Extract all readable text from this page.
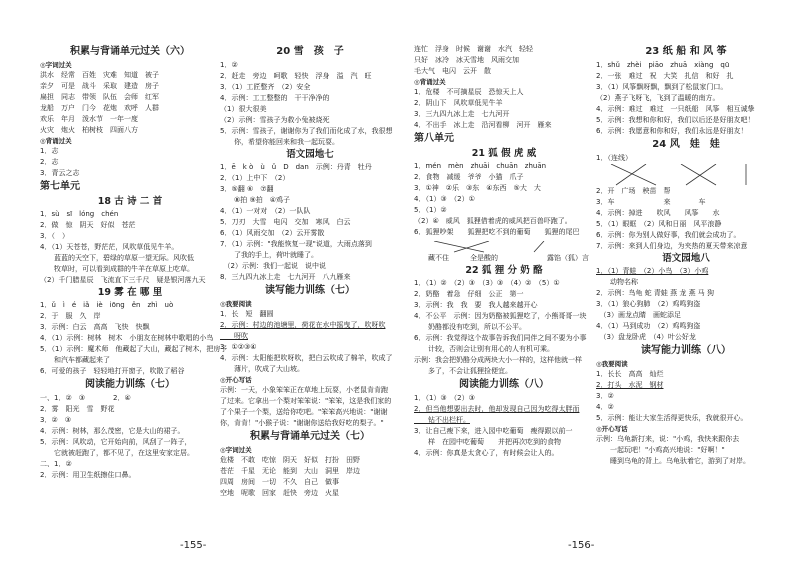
积累与背诵单元过关（六）
◎字词过关
洪水　经常　百姓　灾难　知道　被子
亲夕　可是　战斗　采取　建造　房子
扁担　同志　带领　队伍　会师　红军
龙船　万户　门今　花炮　欢呼　人群
欢乐　年月　泼水节　一年一度
火灾　炮火　柏树枝　四面八方
◎背诵过关
1．志
2．志
3．青云之志
第七单元
18 古 诗 二 首
1．sù　sī　lóng　chén
2．做　惊　阴天　好似　苍茫
3．（　）
4．（1）天苍苍，野茫茫，风吹草低见牛羊。
　　蓝蓝的天空下，碧绿的草原一望无际。风吹低
　　牧草时，可以看到成群的牛羊在草原上吃草。
（2）千门腊星辰　飞流直下三千尺　疑是银河落九天
19 雾 在 哪 里
1．ǔ　ì　é　iǎ　iè　iōng　ěn　zhì　uò
2．于　服　久　岸
3．示例：白云　高高　飞快　快飘
4．（1）示例：树林　树木　小朋友在树林中歌唱的小鸟
5．（1）示例：魔术师　他藏起了大山，藏起了树木，把房子
　　和汽车都藏起来了
6．可爱的孩子　轻轻地打开窗子，吹散了稻谷
阅读能力训练（七）
一、1．②　③　　　　2．④
2．雾　阳光　雪　野花
3．②　③
4．示例：树林，那么茂密，它是大山的裙子。
5．示例：风吹动，它开始向前，风刮了一阵子，
　　它就被赶跑了，都不见了，在这里安家定居。
二、1．②
2．示例：用卫生纸擦住口鼻。
20 雪　孩　子
1．②
2．赶走　旁边　呵歌　轻快　浮身　溢　汽　旺
3．（1）工匠整齐　（2）安全
4．示例：工工整整的　干干净净的
（1）很大很美
（2）示例：雪孩子为救小兔被烧死
5．示例：雪孩子，谢谢你为了我们而化成了水，我很想
　　你，希望你能回来和我一起玩耍。
语文园地七
1．ē　k ò　ù　ǔ　D　dan　示例：丹青　牡丹
2．（1）上中下　（2）
3．⑤翻 ⑥　⑦翻
　　⑧拍 ⑨拍　④鸡子
4．（1）一对对　（2）一队队
5．刀刃　大雪　电闪　交加　寒风　白云
6．（1）风雨交加　（2）云开雾散
7．（1）示例："我能恢复一现"说道，大雨点落到
　　了我的手上，荷叶就睡了。
　（2）示例：我们一起说　说中说
8．三九四九冰上走　七九河开　八九雁来
读写能力训练（七）
◎我要阅读
1．长　短　翻圆
2．示例：村边的池塘里，荷花在水中摇曳了，吹呀吹
　　呀吹
3．①②③④
4．示例：太阳能把吹呀吹，把白云吹成了棉羊，吹成了
　　薄片，吹成了大山坡。
◎开心写话
示例：一天，小象笨笨正在草地上玩耍，小老鼠肯肯跑
了过来。它拿出一个梨对笨笨说："笨笨，这是我们家的
了个果子一个梨，送给你吃吧。"笨笨高兴地说："谢谢
你，肯肯！"小猴子说："谢谢你送给我好吃的梨子。"
积累与背诵单元过关（七）
◎字词过关
危楼　不敢　吃惊　阴天　好似　打扮　田野
苍茫　千星　无论　能到　大山　洞里　岸边
四周　房间　一切　不久　自己　做事
空地　呢歌　回家　赶快　旁边　火星
连忙　浮身　时候　谢谢　水汽　轻轻
只好　冰冷　冰天雪地　风雨交加
毛大气　电闪　云开　散
◎背诵过关
1．危楼　不可摘星辰　恐惊天上人
2．阴山下　风吹草低见牛羊
3．三九四九冰上走　七九河开
4．不出手　冰上走　沿河看柳　河开　雁来
第八单元
21 狐 假 虎 威
1．mén　mèn　zhuāi　chuān　zhuān
2．食物　减缓　爷爷　小猫　爪子
3．①神　②乐　③东　④东西　⑤大　大
4．（1）③　（2）①
5．（1）②
（2）④　威风　狐狸借着虎的威风把百兽吓跑了。
6．狐狸吵架　　狐狸把吃不到的葡萄　　狐狸的尾巴
　　藏不住　　　全是酸的　　　　　　　露馅（狐）言
22 狐 狸 分 奶 酪
1．（1）②　（2）③　（3）③　（4）②　（5）①
2．奶酪　着急　仔细　公正　第一
3．示例：我　我　要　我人越来越开心
4．不公平　示例：因为奶酪被狐狸吃了，小熊哥哥一块
　　奶酪都没有吃到，所以不公平。
6．示例：我觉得这个故事告诉我们同伴之间不要为小事
　　计较，否则会让别有用心的人有机可乘。
示例：我会把奶酪分成两块大小一样的，这样他就一样
　　多了，不会让狐狸捡便宜。
阅读能力训练（八）
1．（1）③　（2）③
2．但当他想要出去时，他却发现自己因为吃得太胖而
　　钻不出栏杆。
3．让自己瘦下来，进入园中吃葡萄　瘦得跟以前一
　　样　在园中吃葡萄　　并把再次吃到的食物
4．示例：你真是太贪心了，有时候会让人的。
23 纸 船 和 风 筝
1．shǔ　zhèi　piāo　zhuā　xiàng　qū
2．一张　难过　祝　大笑　扎信　和好　扎
3．（1）风筝飘呀飘，飘到了松鼠家门口。
（2）燕子飞呀飞，飞到了温暖的南方。
4．示例：难过　难过　一只纸船　风筝　相互诚挚
5．示例：我想和你和好，我们以后还是好朋友吧！
6．示例：我愿意和你和好，我们永远是好朋友！
24 风　娃　娃
1．（连线）
2．开　广场　秧苗　帮
3．车　　　　　　　来　　　　车
4．示例：掉进　　吹风　　风筝　　水
5．（1）眼眶　（2）风和日丽　风平浪静
6．示例：你为别人做好事，我们就会成功了。
7．示例：来到人们身边，为夹热的夏天带来凉意
语文园地八
1．（1）青蛙　（2）小鸟　（3）小鸡
　　动物名称
2．示例：鸟龟 蛇 青蛙 燕 龙 燕 马 狗
3．（1）狼心狗肺　（2）鸡鸣狗盗
　（3）画龙点睛　画蛇添足
4．（1）马到成功　（2）鸡鸣狗盗
　（3）盘龙卧虎　（4）叶公好龙
读写能力训练（八）
◎我要阅读
1．长长　高高　灿烂
2．打头　水泥　钢材
3．②
4．②
5．示例：能让大家生活得更快乐，我就很开心。
◎开心写话
示例：乌龟新打来，说："小鸡，我快来跟你去
　　一起玩吧！"小鸡高兴地说："好啊！"
　　睡到乌龟的背上。乌龟驮着它，游到了对岸。
-155-	-156-
